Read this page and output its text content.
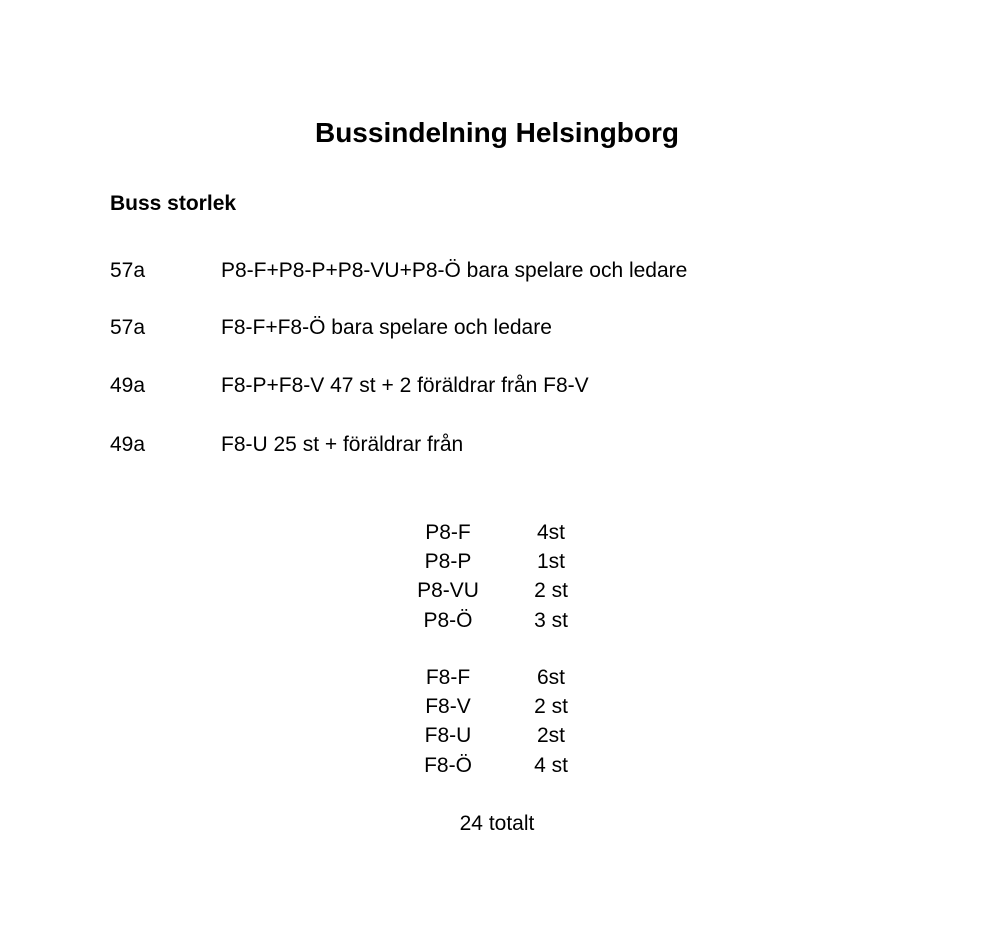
Bussindelning Helsingborg
Buss storlek
57a	P8-F+P8-P+P8-VU+P8-Ö bara spelare och ledare
57a	F8-F+F8-Ö bara spelare och ledare
49a	F8-P+F8-V 47 st + 2 föräldrar från F8-V
49a	F8-U 25 st + föräldrar från
P8-F	4st
P8-P	1st
P8-VU	2 st
P8-Ö	3 st
F8-F	6st
F8-V	2 st
F8-U	2st
F8-Ö	4 st
24 totalt
